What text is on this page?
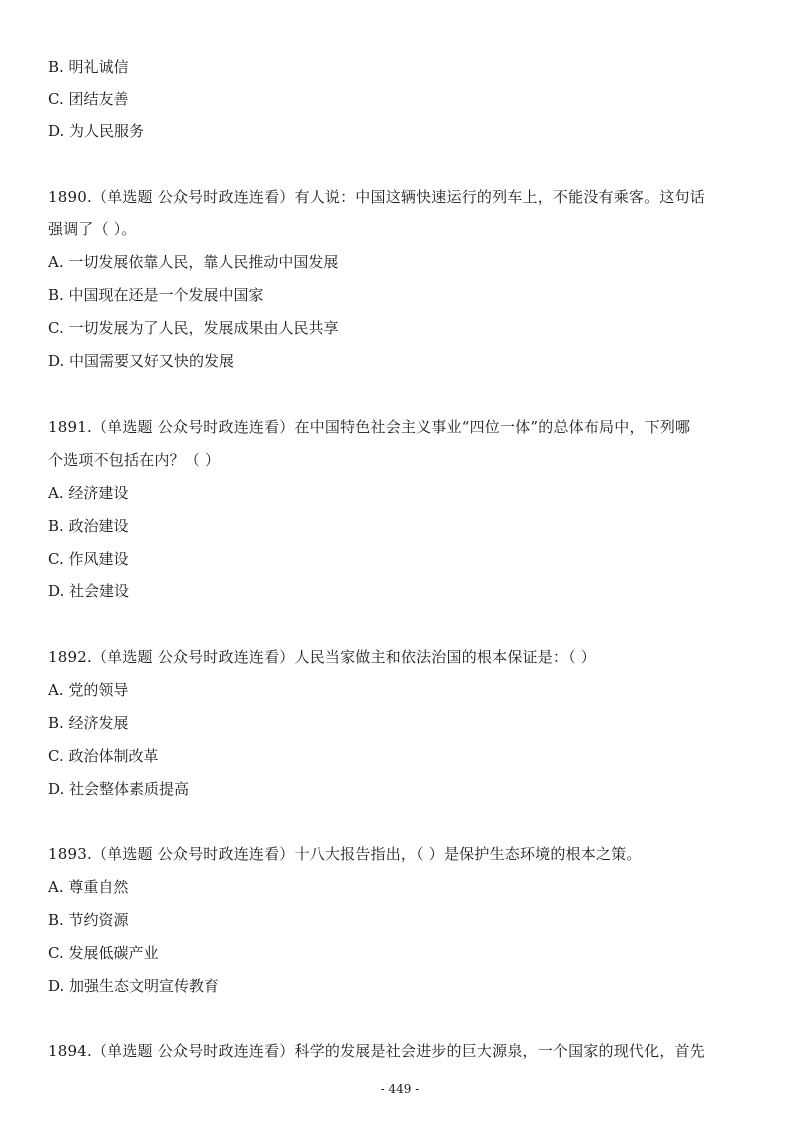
B. 明礼诚信
C. 团结友善
D. 为人民服务
1890.（单选题 公众号时政连连看）有人说：中国这辆快速运行的列车上，不能没有乘客。这句话
强调了（ ）。
A. 一切发展依靠人民，靠人民推动中国发展
B. 中国现在还是一个发展中国家
C. 一切发展为了人民，发展成果由人民共享
D. 中国需要又好又快的发展
1891.（单选题 公众号时政连连看）在中国特色社会主义事业“四位一体”的总体布局中，下列哪
个选项不包括在内？（ ）
A. 经济建设
B. 政治建设
C. 作风建设
D. 社会建设
1892.（单选题 公众号时政连连看）人民当家做主和依法治国的根本保证是：（ ）
A. 党的领导
B. 经济发展
C. 政治体制改革
D. 社会整体素质提高
1893.（单选题 公众号时政连连看）十八大报告指出，（ ）是保护生态环境的根本之策。
A. 尊重自然
B. 节约资源
C. 发展低碳产业
D. 加强生态文明宣传教育
1894.（单选题 公众号时政连连看）科学的发展是社会进步的巨大源泉，一个国家的现代化，首先
- 449 -
